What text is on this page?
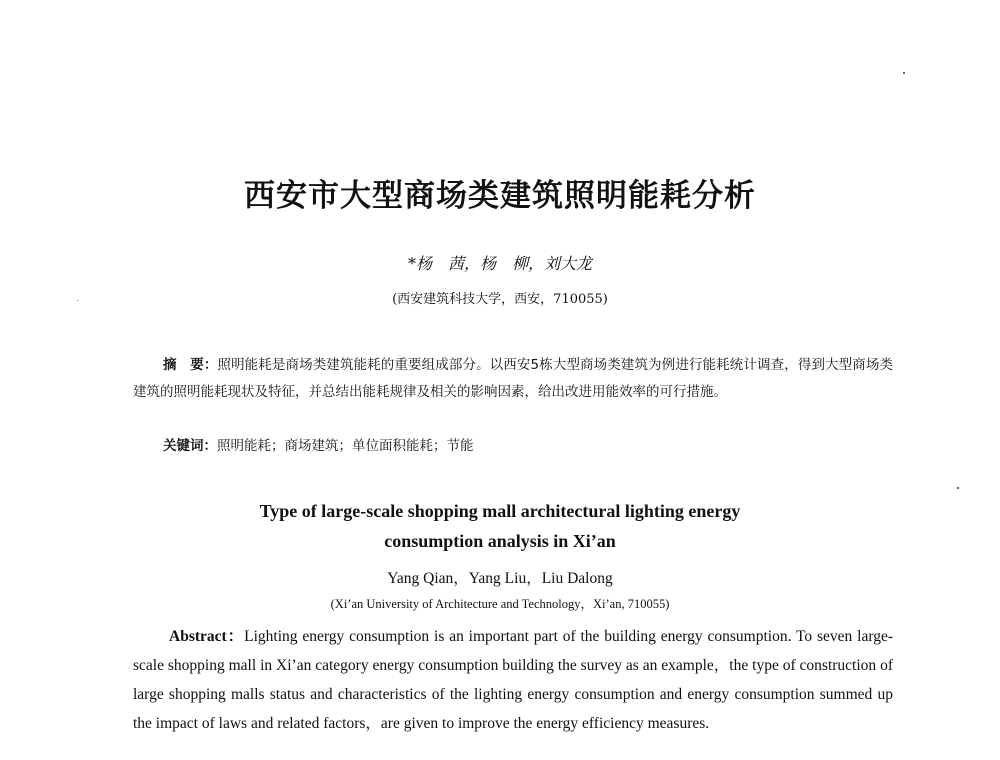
西安市大型商场类建筑照明能耗分析
*杨　茜，杨　柳，刘大龙
(西安建筑科技大学，西安，710055)
摘　要：照明能耗是商场类建筑能耗的重要组成部分。以西安5栋大型商场类建筑为例进行能耗统计调查，得到大型商场类建筑的照明能耗现状及特征，并总结出能耗规律及相关的影响因素，给出改进用能效率的可行措施。
关键词：照明能耗；商场建筑；单位面积能耗；节能
Type of large-scale shopping mall architectural lighting energy
consumption analysis in Xi’an
Yang Qian，Yang Liu，Liu Dalong
(Xi’an University of Architecture and Technology，Xi’an, 710055)
Abstract：Lighting energy consumption is an important part of the building energy consumption. To seven large-scale shopping mall in Xi’an category energy consumption building the survey as an example，the type of construction of large shopping malls status and characteristics of the lighting energy consumption and energy consumption summed up the impact of laws and related factors，are given to improve the energy efficiency measures.
